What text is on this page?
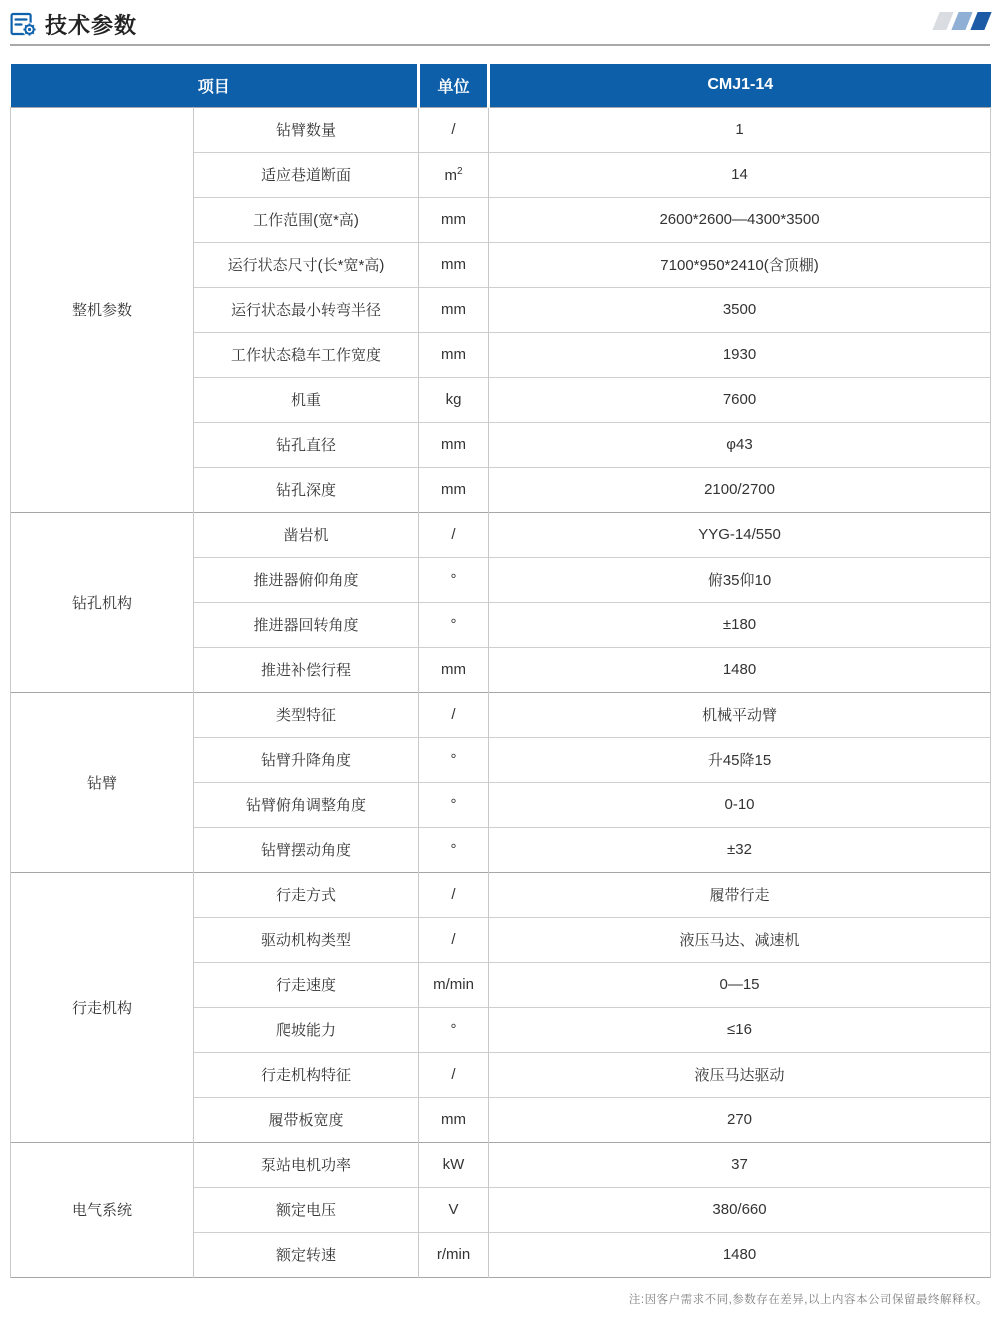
技术参数
项目		单位	CMJ1-14
整机参数	钻臂数量	/	1
	适应巷道断面	$m^2$	14
	工作范围(宽*高)	mm	2600*2600—4300*3500
	运行状态尺寸(长*宽*高)	mm	7100*950*2410(含顶棚)
	运行状态最小转弯半径	mm	3500
	工作状态稳车工作宽度	mm	1930
	机重	kg	7600
	钻孔直径	mm	φ43
	钻孔深度	mm	2100/2700
钻孔机构	凿岩机	/	YYG-14/550
	推进器俯仰角度	°	俯35仰10
	推进器回转角度	°	±180
	推进补偿行程	mm	1480
钻臂	类型特征	/	机械平动臂
	钻臂升降角度	°	升45降15
	钻臂俯角调整角度	°	0-10
	钻臂摆动角度	°	±32
行走机构	行走方式	/	履带行走
	驱动机构类型	/	液压马达、减速机
	行走速度	m/min	0—15
	爬坡能力	°	≤16
	行走机构特征	/	液压马达驱动
	履带板宽度	mm	270
电气系统	泵站电机功率	kW	37
	额定电压	V	380/660
	额定转速	r/min	1480
注:因客户需求不同,参数存在差异,以上内容本公司保留最终解释权。
